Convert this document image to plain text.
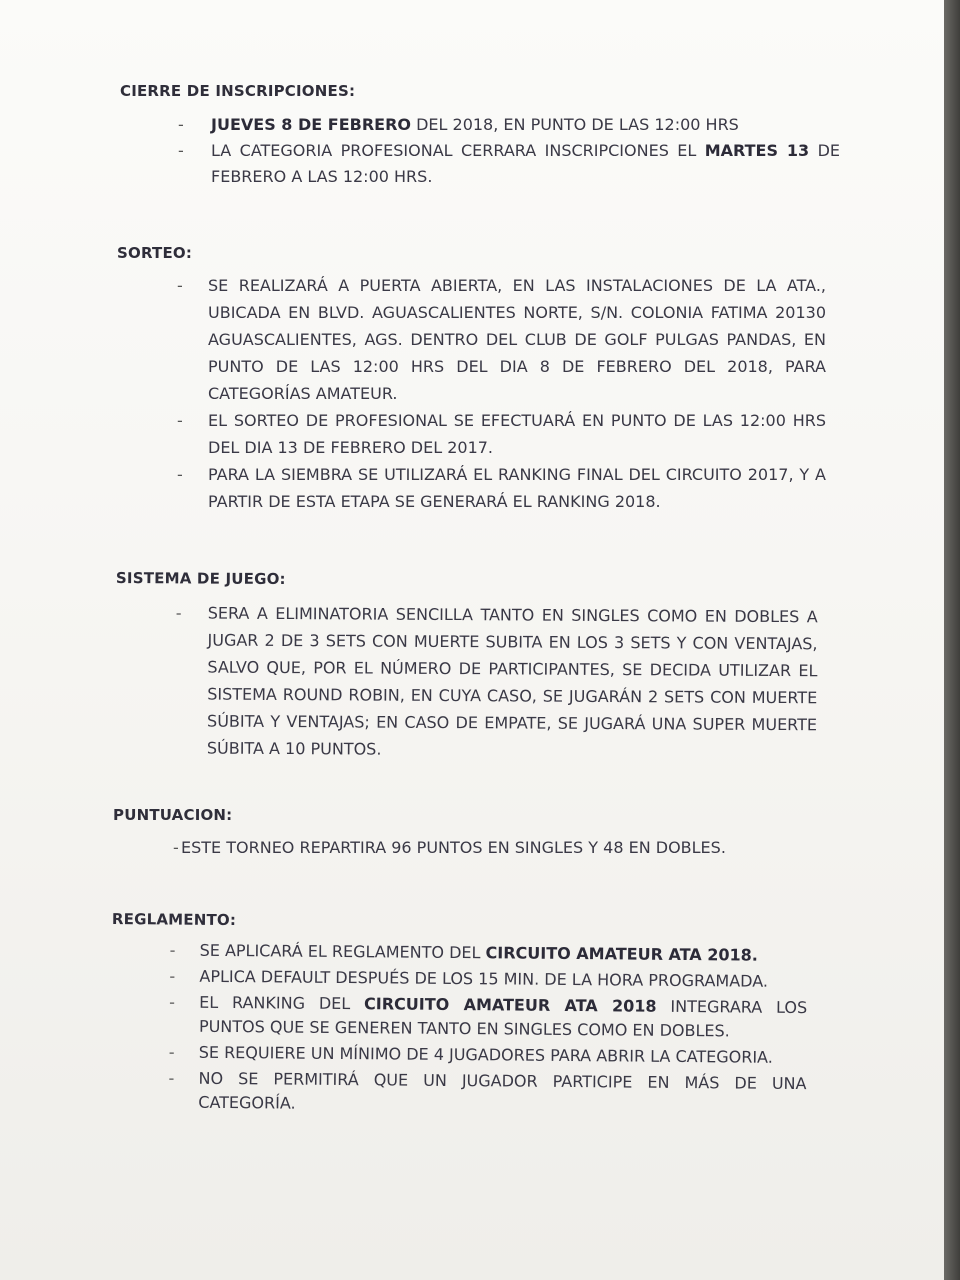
CIERRE DE INSCRIPCIONES:
- JUEVES 8 DE FEBRERO DEL 2018, EN PUNTO DE LAS 12:00 HRS
- LA CATEGORIA PROFESIONAL CERRARA INSCRIPCIONES EL MARTES 13 DE FEBRERO A LAS 12:00 HRS.
SORTEO:
- SE REALIZARÁ A PUERTA ABIERTA, EN LAS INSTALACIONES DE LA ATA., UBICADA EN BLVD. AGUASCALIENTES NORTE, S/N. COLONIA FATIMA 20130 AGUASCALIENTES, AGS. DENTRO DEL CLUB DE GOLF PULGAS PANDAS, EN PUNTO DE LAS 12:00 HRS DEL DIA 8 DE FEBRERO DEL 2018, PARA CATEGORÍAS AMATEUR.
- EL SORTEO DE PROFESIONAL SE EFECTUARÁ EN PUNTO DE LAS 12:00 HRS DEL DIA 13 DE FEBRERO DEL 2017.
- PARA LA SIEMBRA SE UTILIZARÁ EL RANKING FINAL DEL CIRCUITO 2017, Y A PARTIR DE ESTA ETAPA SE GENERARÁ EL RANKING 2018.
SISTEMA DE JUEGO:
- SERA A ELIMINATORIA SENCILLA TANTO EN SINGLES COMO EN DOBLES A JUGAR 2 DE 3 SETS CON MUERTE SUBITA EN LOS 3 SETS Y CON VENTAJAS, SALVO QUE, POR EL NÚMERO DE PARTICIPANTES, SE DECIDA UTILIZAR EL SISTEMA ROUND ROBIN, EN CUYA CASO, SE JUGARÁN 2 SETS CON MUERTE SÚBITA Y VENTAJAS; EN CASO DE EMPATE, SE JUGARÁ UNA SUPER MUERTE SÚBITA A 10 PUNTOS.
PUNTUACION:
- ESTE TORNEO REPARTIRA 96 PUNTOS EN SINGLES Y 48 EN DOBLES.
REGLAMENTO:
- SE APLICARÁ EL REGLAMENTO DEL CIRCUITO AMATEUR ATA 2018.
- APLICA DEFAULT DESPUÉS DE LOS 15 MIN. DE LA HORA PROGRAMADA.
- EL RANKING DEL CIRCUITO AMATEUR ATA 2018 INTEGRARA LOS PUNTOS QUE SE GENEREN TANTO EN SINGLES COMO EN DOBLES.
- SE REQUIERE UN MÍNIMO DE 4 JUGADORES PARA ABRIR LA CATEGORIA.
- NO SE PERMITIRÁ QUE UN JUGADOR PARTICIPE EN MÁS DE UNA CATEGORÍA.
